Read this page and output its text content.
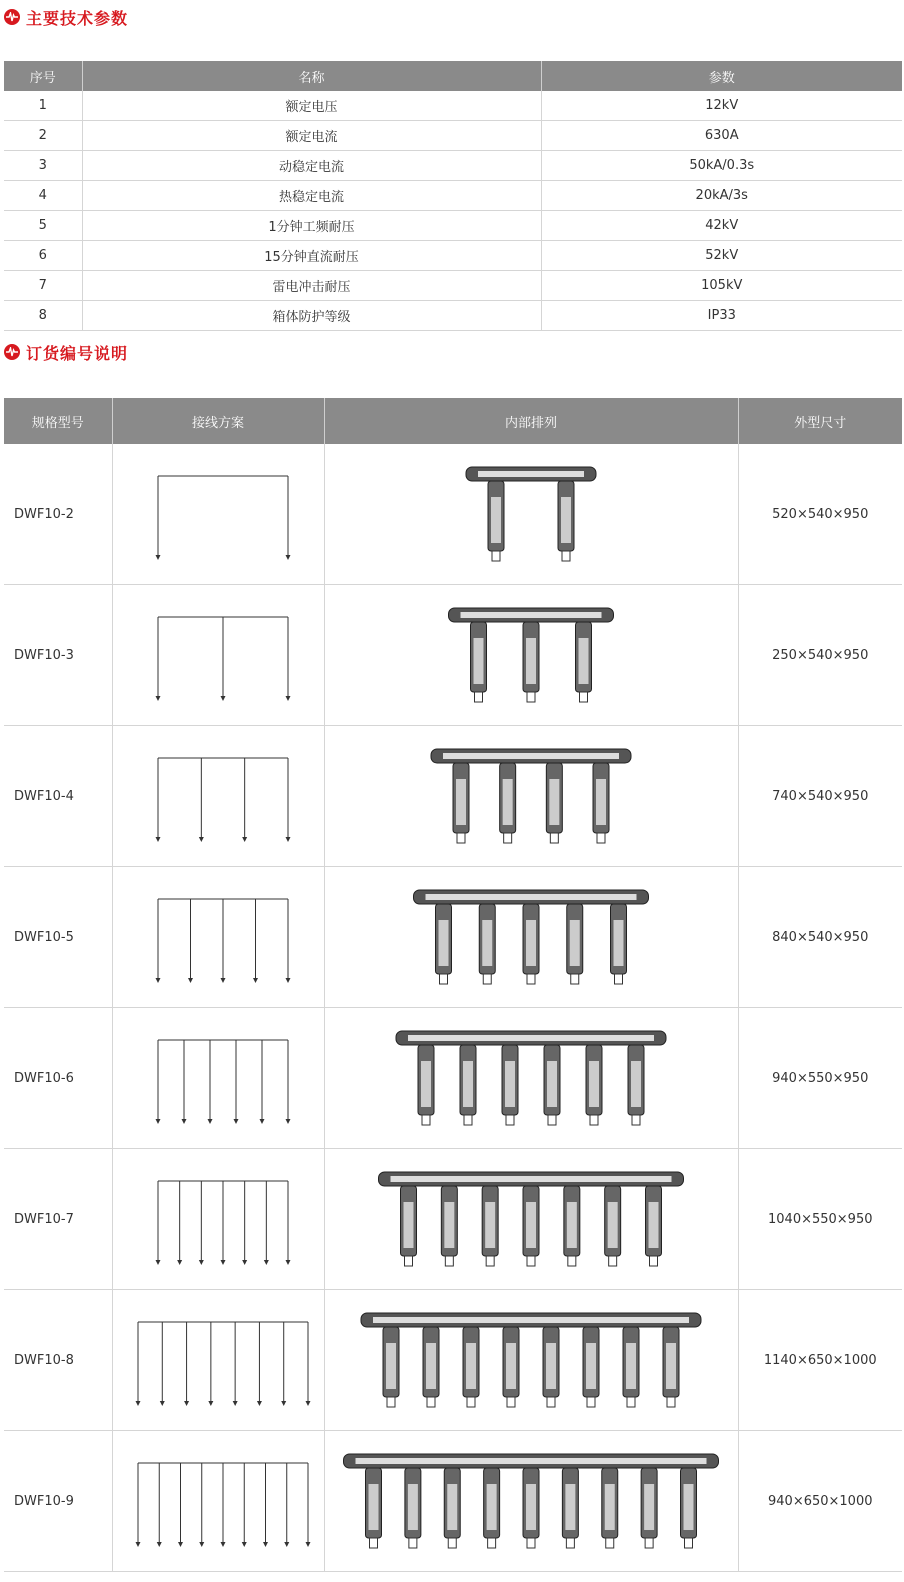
主要技术参数
序号	名称	参数
1	额定电压	12kV
2	额定电流	630A
3	动稳定电流	50kA/0.3s
4	热稳定电流	20kA/3s
5	1分钟工频耐压	42kV
6	15分钟直流耐压	52kV
7	雷电冲击耐压	105kV
8	箱体防护等级	IP33
订货编号说明
规格型号	接线方案	内部排列	外型尺寸
DWF10-2			520×540×950
DWF10-3			250×540×950
DWF10-4			740×540×950
DWF10-5			840×540×950
DWF10-6			940×550×950
DWF10-7			1040×550×950
DWF10-8			1140×650×1000
DWF10-9			940×650×1000
